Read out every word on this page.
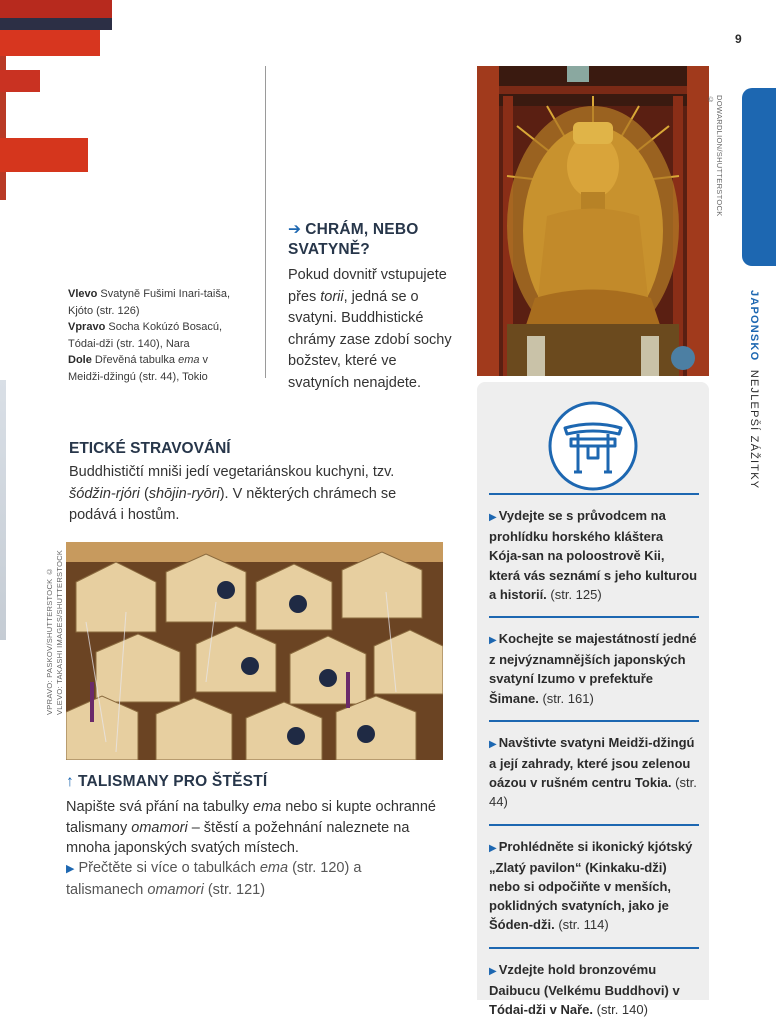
Vlevo Svatyně Fušimi Inari-taiša, Kjóto (str. 126)
Vpravo Socha Kokúzó Bosacú, Tódai-dži (str. 140), Nara
Dole Dřevěná tabulka ema v Meidži-džingú (str. 44), Tokio
➔ CHRÁM, NEBO SVATYNĚ?
Pokud dovnitř vstupujete přes torii, jedná se o svatyni. Buddhistické chrámy zase zdobí sochy božstev, které ve svatyních nenajdete.
DOWARDLION/SHUTTERSTOCK ©
9
JAPONSKO  NEJLEPŠÍ ZÁŽITKY
ETICKÉ STRAVOVÁNÍ
Buddhističtí mniši jedí vegetariánskou kuchyni, tzv. šódžin-rjóri (shōjin-ryōri). V některých chrámech se podává i hostům.
VPRAVO: PASKOV/SHUTTERSTOCK © VLEVO: TAKASHI IMAGES/SHUTTERSTOCK
↑ TALISMANY PRO ŠTĚSTÍ
Napište svá přání na tabulky ema nebo si kupte ochranné talismany omamori – štěstí a požehnání naleznete na mnoha japonských svatých místech.
▶ Přečtěte si více o tabulkách ema (str. 120) a talismanech omamori (str. 121)
▶ Vydejte se s průvodcem na prohlídku horského kláštera Kója-san na poloostrově Kii, která vás seznámí s jeho kulturou a historií. (str. 125)
▶ Kochejte se majestátností jedné z nejvýznamnějších japonských svatyní Izumo v prefektuře Šimane. (str. 161)
▶ Navštivte svatyni Meidži-džingú a její zahrady, které jsou zelenou oázou v rušném centru Tokia. (str. 44)
▶ Prohlédněte si ikonický kjótský „Zlatý pavilon“ (Kinkaku-dži) nebo si odpočiňte v menších, poklidných svatyních, jako je Šóden-dži. (str. 114)
▶ Vzdejte hold bronzovému Daibucu (Velkému Buddhovi) v Tódai-dži v Naře. (str. 140)
